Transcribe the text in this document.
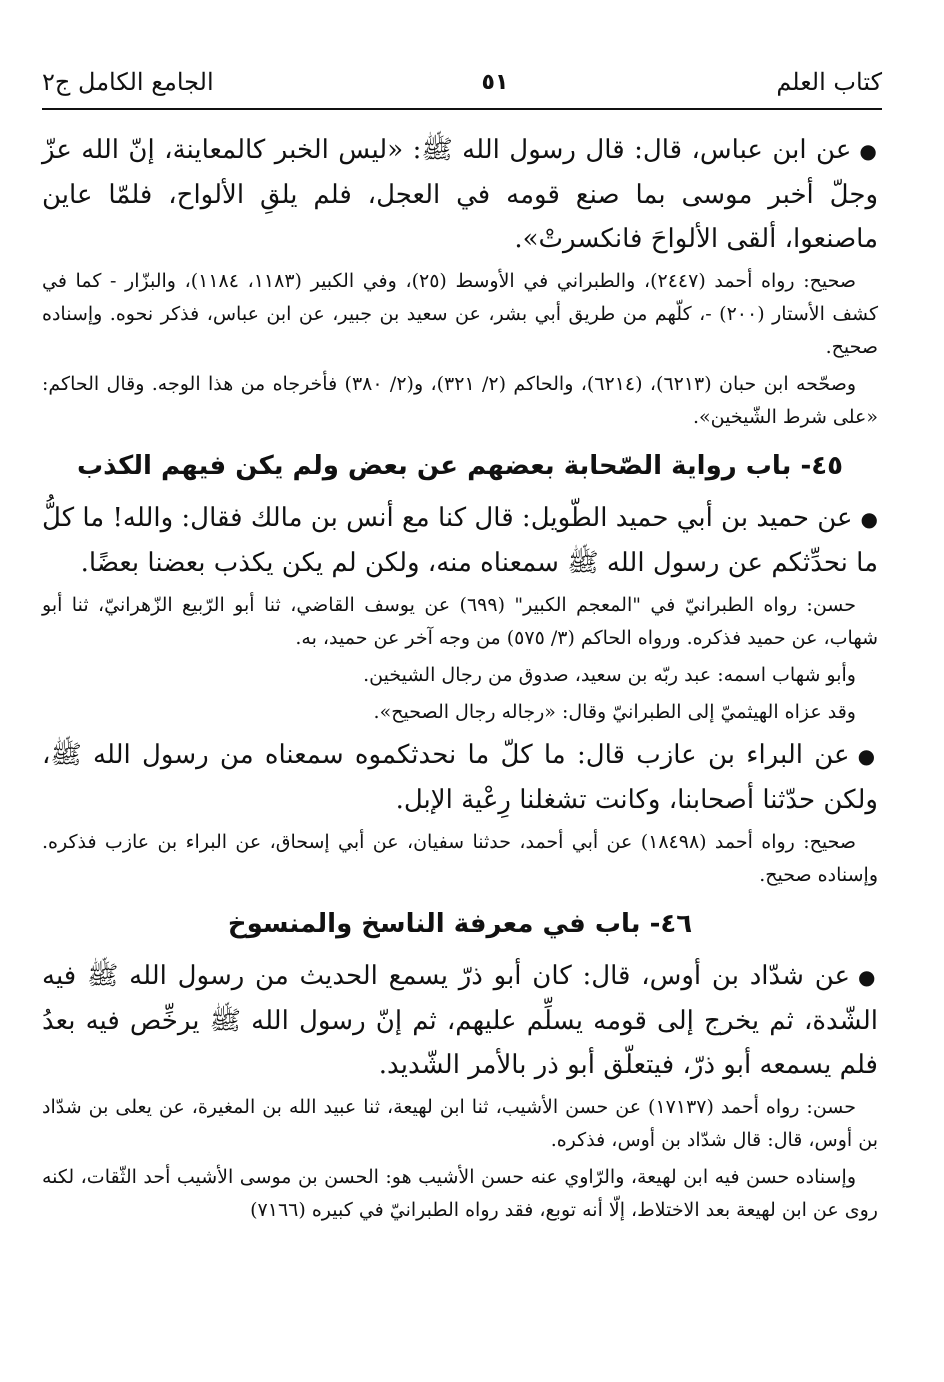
كتاب العلم
٥١
الجامع الكامل ج٢

●عن ابن عباس، قال: قال رسول الله ﷺ: «ليس الخبر كالمعاينة، إنّ الله عزّ وجلّ أخبر موسى بما صنع قومه في العجل، فلم يلقِ الألواح، فلمّا عاين ماصنعوا، ألقى الألواحَ فانكسرتْ».

صحيح: رواه أحمد (٢٤٤٧)، والطبراني في الأوسط (٢٥)، وفي الكبير (١١٨٣، ١١٨٤)، والبزّار - كما في كشف الأستار (٢٠٠) -، كلّهم من طريق أبي بشر، عن سعيد بن جبير، عن ابن عباس، فذكر نحوه. وإسناده صحيح.

وصحّحه ابن حبان (٦٢١٣)، (٦٢١٤)، والحاكم (٢/ ٣٢١)، و(٢/ ٣٨٠) فأخرجاه من هذا الوجه. وقال الحاكم: «على شرط الشّيخين».

٤٥- باب رواية الصّحابة بعضهم عن بعض ولم يكن فيهم الكذب

●عن حميد بن أبي حميد الطّويل: قال كنا مع أنس بن مالك فقال: والله! ما كلُّ ما نحدِّثكم عن رسول الله ﷺ سمعناه منه، ولكن لم يكن يكذب بعضنا بعضًا.

حسن: رواه الطبرانيّ في "المعجم الكبير" (٦٩٩) عن يوسف القاضي، ثنا أبو الرّبيع الزّهرانيّ، ثنا أبو شهاب، عن حميد فذكره. ورواه الحاكم (٣/ ٥٧٥) من وجه آخر عن حميد، به.

وأبو شهاب اسمه: عبد ربّه بن سعيد، صدوق من رجال الشيخين.

وقد عزاه الهيثميّ إلى الطبرانيّ وقال: «رجاله رجال الصحيح».

●عن البراء بن عازب قال: ما كلّ ما نحدثكموه سمعناه من رسول الله ﷺ، ولكن حدّثنا أصحابنا، وكانت تشغلنا رِعْية الإبل.

صحيح: رواه أحمد (١٨٤٩٨) عن أبي أحمد، حدثنا سفيان، عن أبي إسحاق، عن البراء بن عازب فذكره. وإسناده صحيح.

٤٦- باب في معرفة الناسخ والمنسوخ

●عن شدّاد بن أوس، قال: كان أبو ذرّ يسمع الحديث من رسول الله ﷺ فيه الشّدة، ثم يخرج إلى قومه يسلِّم عليهم، ثم إنّ رسول الله ﷺ يرخِّص فيه بعدُ فلم يسمعه أبو ذرّ، فيتعلّق أبو ذر بالأمر الشّديد.

حسن: رواه أحمد (١٧١٣٧) عن حسن الأشيب، ثنا ابن لهيعة، ثنا عبيد الله بن المغيرة، عن يعلى بن شدّاد بن أوس، قال: قال شدّاد بن أوس، فذكره.

وإسناده حسن فيه ابن لهيعة، والرّاوي عنه حسن الأشيب هو: الحسن بن موسى الأشيب أحد الثّقات، لكنه روى عن ابن لهيعة بعد الاختلاط، إلّا أنه توبع، فقد رواه الطبرانيّ في كبيره (٧١٦٦)
